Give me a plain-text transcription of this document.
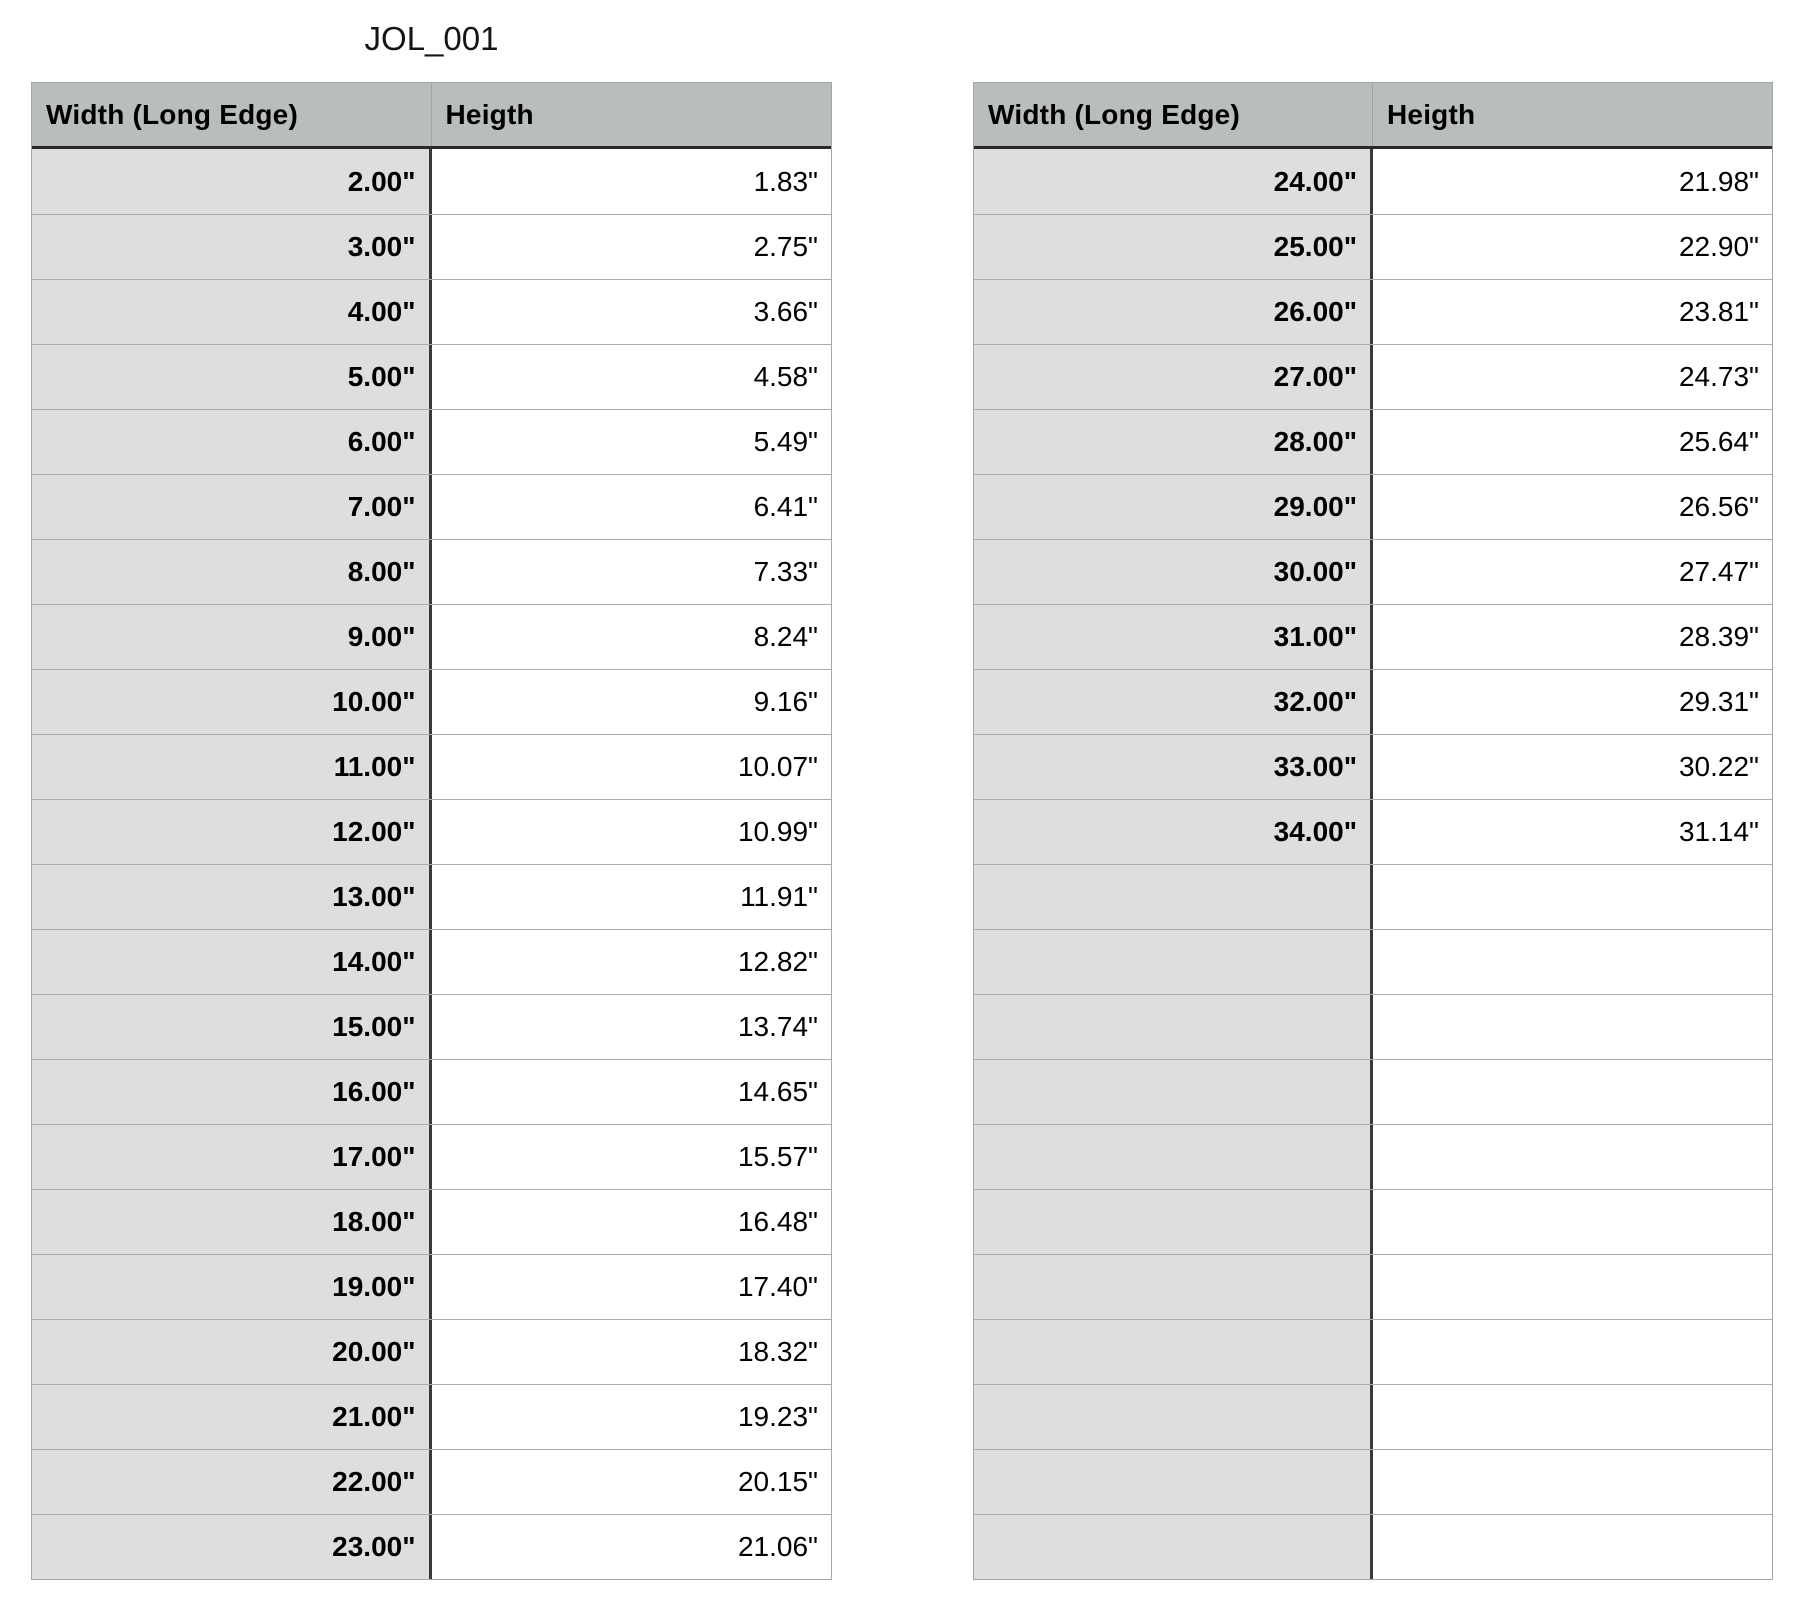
JOL_001
Width (Long Edge)	Heigth
2.00"	1.83"
3.00"	2.75"
4.00"	3.66"
5.00"	4.58"
6.00"	5.49"
7.00"	6.41"
8.00"	7.33"
9.00"	8.24"
10.00"	9.16"
11.00"	10.07"
12.00"	10.99"
13.00"	11.91"
14.00"	12.82"
15.00"	13.74"
16.00"	14.65"
17.00"	15.57"
18.00"	16.48"
19.00"	17.40"
20.00"	18.32"
21.00"	19.23"
22.00"	20.15"
23.00"	21.06"
Width (Long Edge)	Heigth
24.00"	21.98"
25.00"	22.90"
26.00"	23.81"
27.00"	24.73"
28.00"	25.64"
29.00"	26.56"
30.00"	27.47"
31.00"	28.39"
32.00"	29.31"
33.00"	30.22"
34.00"	31.14"
